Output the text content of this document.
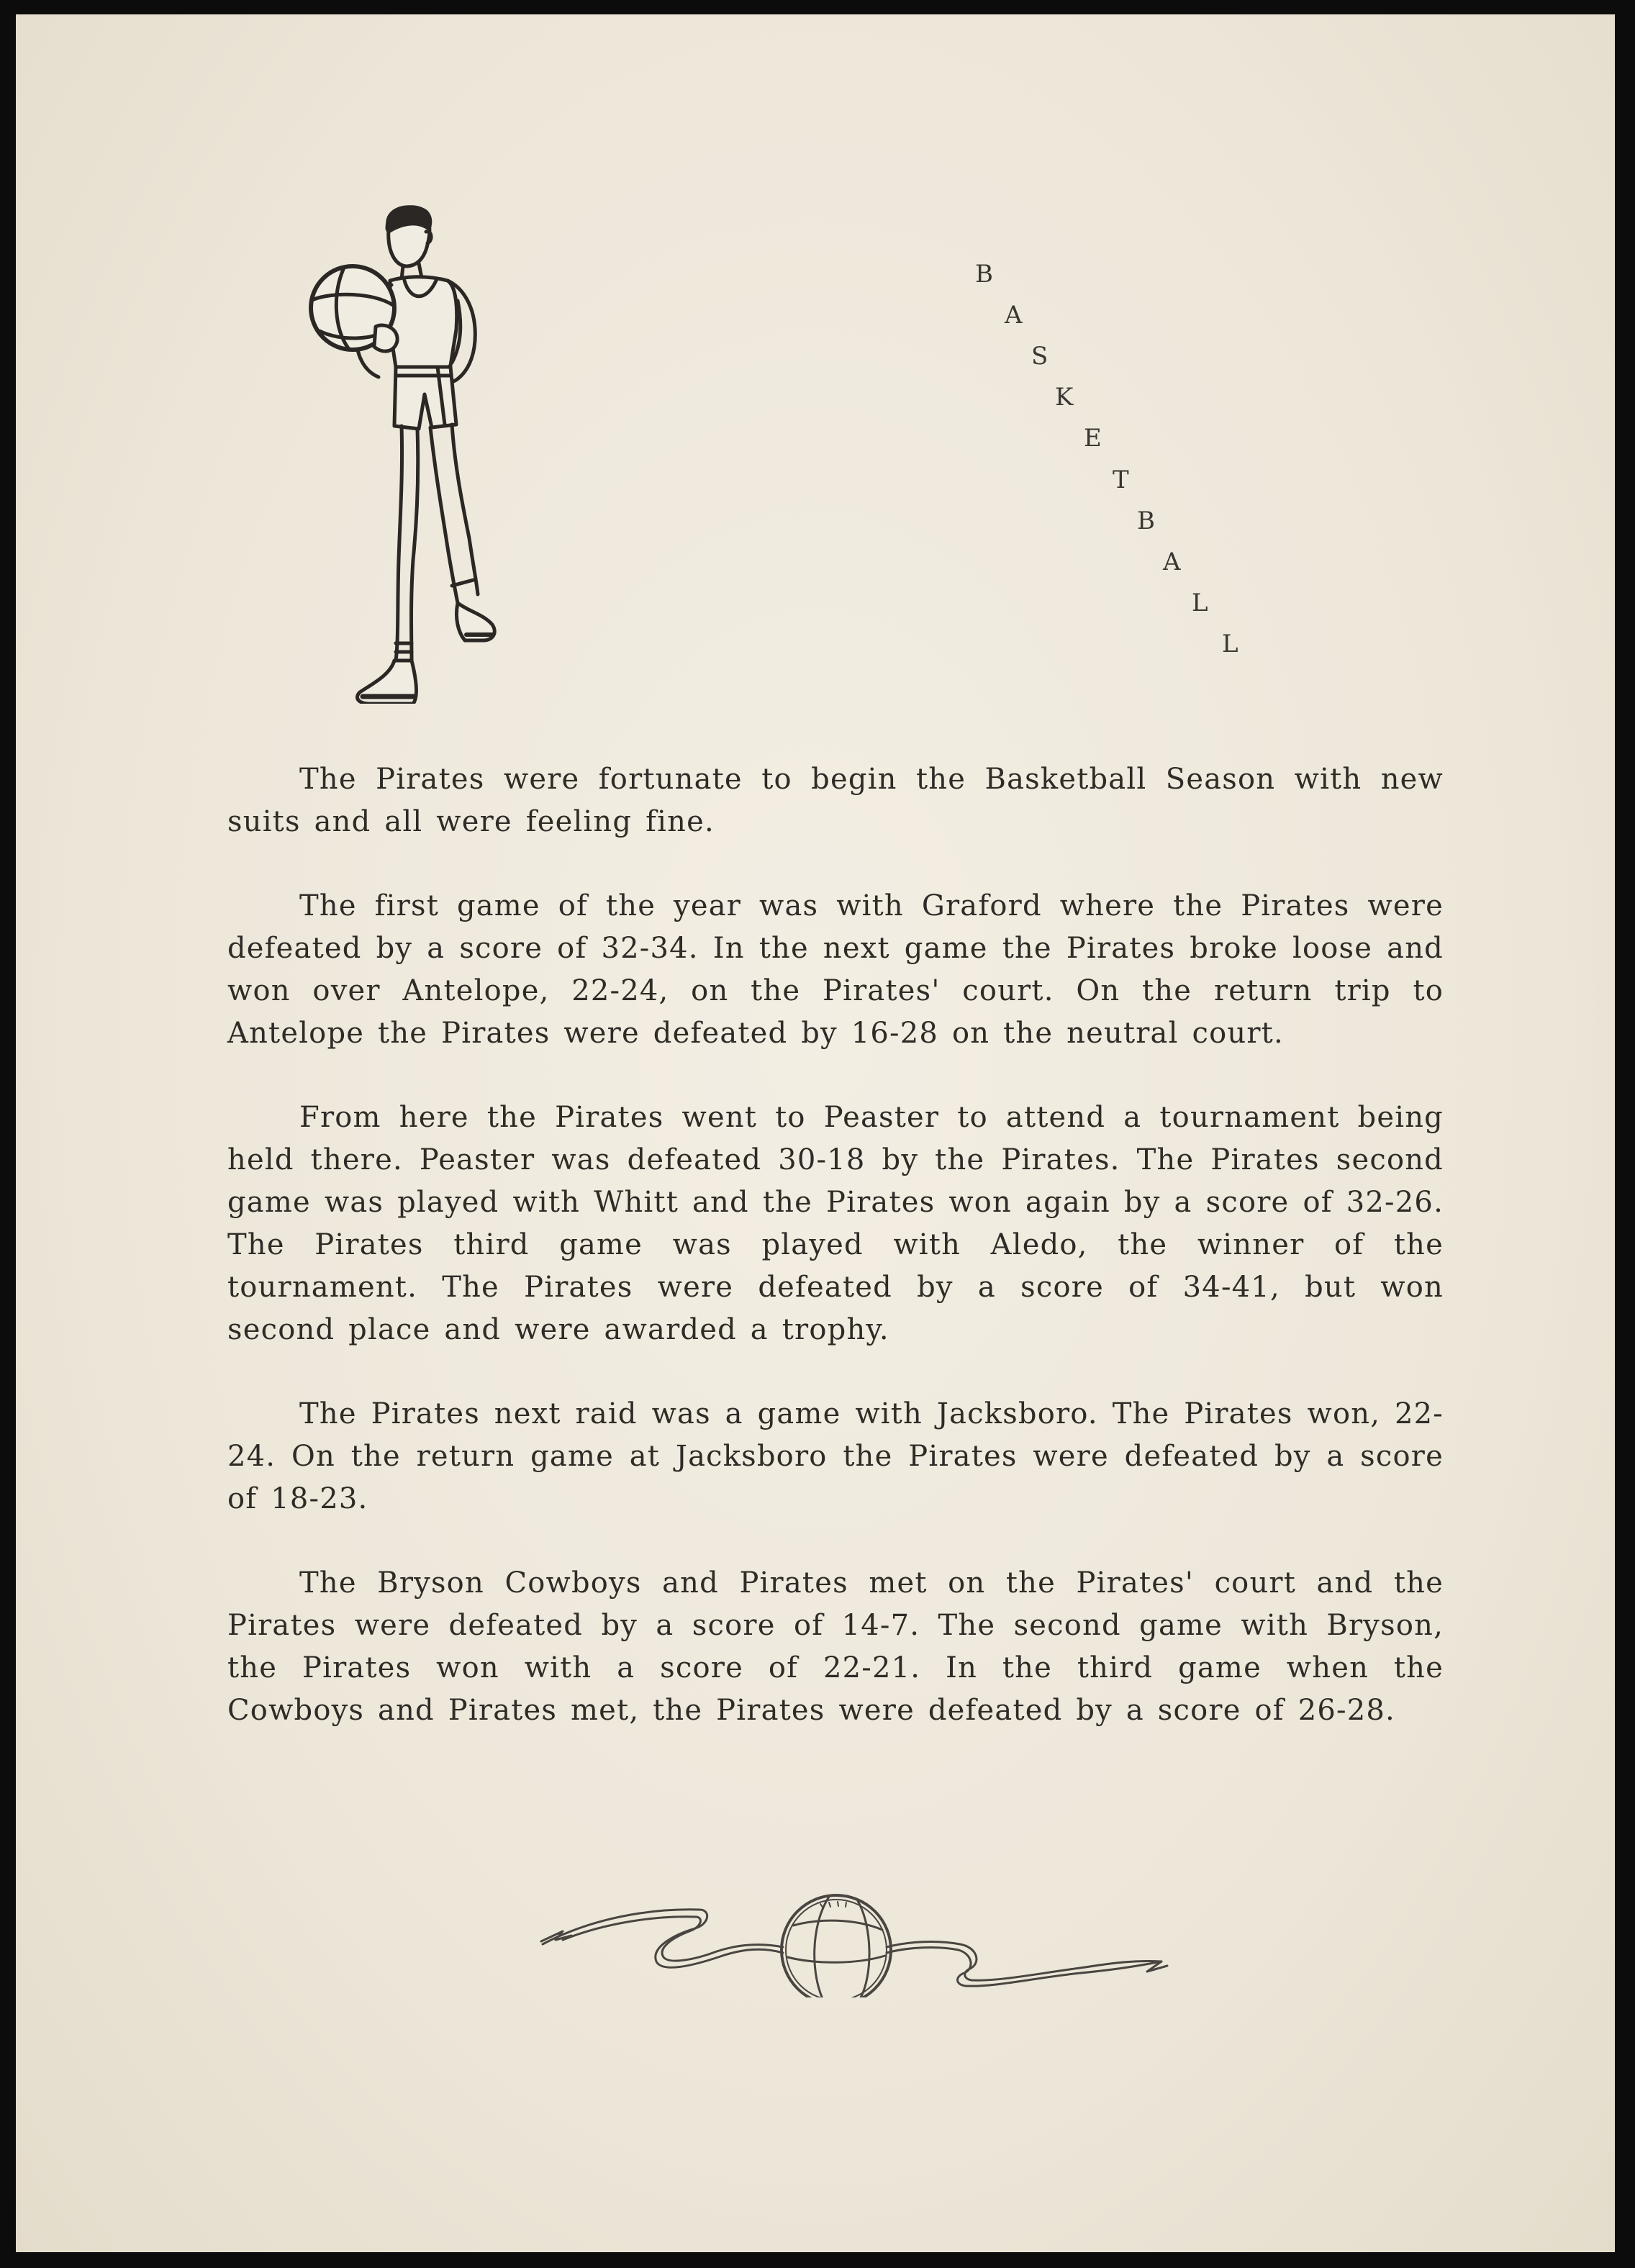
B
A
S
K
E
T
B
A
L
L

The Pirates were fortunate to begin the Basketball Season with new suits and all were feeling fine.

The first game of the year was with Graford where the Pirates were defeated by a score of 32-34. In the next game the Pirates broke loose and won over Antelope, 22-24, on the Pirates' court. On the return trip to Antelope the Pirates were defeated by 16-28 on the neutral court.

From here the Pirates went to Peaster to attend a tournament being held there. Peaster was defeated 30-18 by the Pirates. The Pirates second game was played with Whitt and the Pirates won again by a score of 32-26. The Pirates third game was played with Aledo, the winner of the tournament. The Pirates were defeated by a score of 34-41, but won second place and were awarded a trophy.

The Pirates next raid was a game with Jacksboro. The Pirates won, 22-24. On the return game at Jacksboro the Pirates were defeated by a score of 18-23.

The Bryson Cowboys and Pirates met on the Pirates' court and the Pirates were defeated by a score of 14-7. The second game with Bryson, the Pirates won with a score of 22-21. In the third game when the Cowboys and Pirates met, the Pirates were defeated by a score of 26-28.
